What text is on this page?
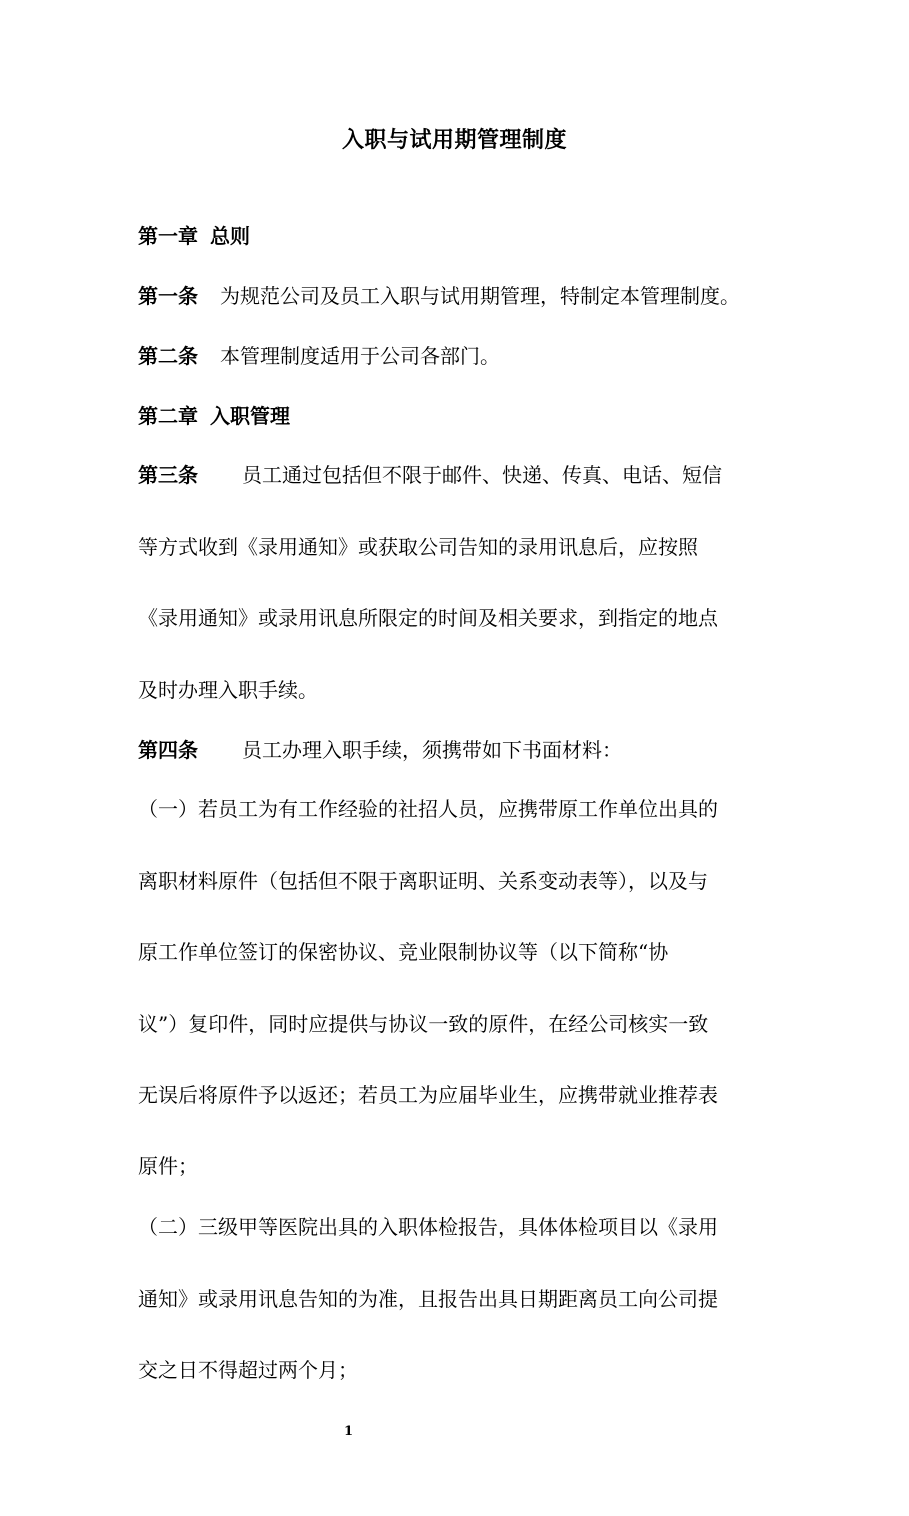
入职与试用期管理制度
第一章 总则
第一条 为规范公司及员工入职与试用期管理，特制定本管理制度。
第二条 本管理制度适用于公司各部门。
第二章 入职管理
第三条 员工通过包括但不限于邮件、快递、传真、电话、短信
等方式收到《录用通知》或获取公司告知的录用讯息后，应按照
《录用通知》或录用讯息所限定的时间及相关要求，到指定的地点
及时办理入职手续。
第四条 员工办理入职手续，须携带如下书面材料：
（一）若员工为有工作经验的社招人员，应携带原工作单位出具的
离职材料原件（包括但不限于离职证明、关系变动表等），以及与
原工作单位签订的保密协议、竞业限制协议等（以下简称“协
议”）复印件，同时应提供与协议一致的原件，在经公司核实一致
无误后将原件予以返还；若员工为应届毕业生，应携带就业推荐表
原件；
（二）三级甲等医院出具的入职体检报告，具体体检项目以《录用
通知》或录用讯息告知的为准，且报告出具日期距离员工向公司提
交之日不得超过两个月；
1
